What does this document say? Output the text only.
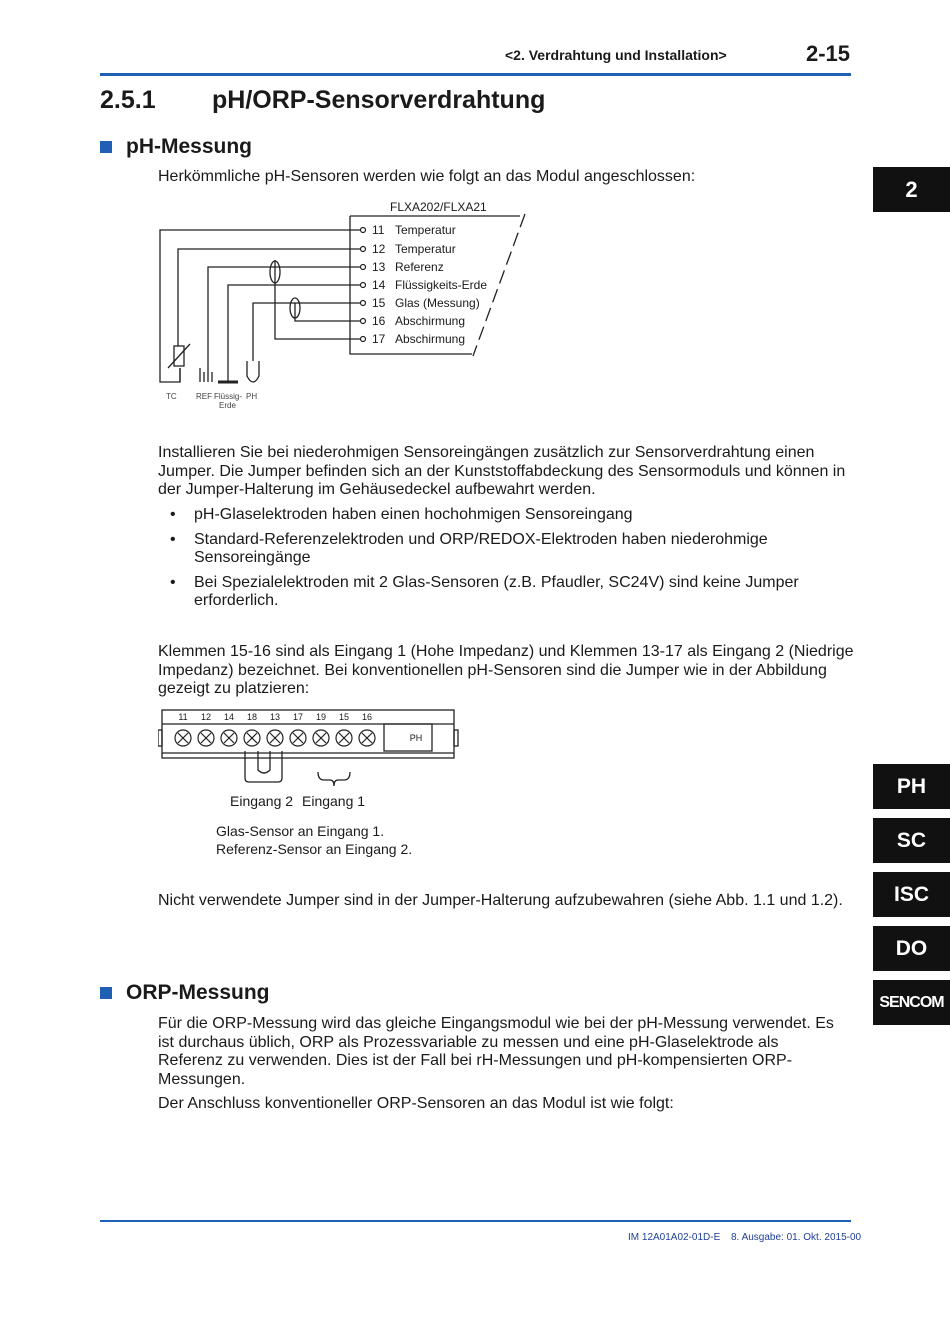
<2. Verdrahtung und Installation>	2-15
2.5.1 pH/ORP-Sensorverdrahtung
pH-Messung
Herkömmliche pH-Sensoren werden wie folgt an das Modul angeschlossen:
FLXA202/FLXA21
11 Temperatur
12 Temperatur
13 Referenz
14 Flüssigkeits-Erde
15 Glas (Messung)
16 Abschirmung
17 Abschirmung
TC REF Flüssig-
Erde
PH
Installieren Sie bei niederohmigen Sensoreingängen zusätzlich zur Sensorverdrahtung einen Jumper. Die Jumper befinden sich an der Kunststoffabdeckung des Sensormoduls und können in der Jumper-Halterung im Gehäusedeckel aufbewahrt werden.
• pH-Glaselektroden haben einen hochohmigen Sensoreingang
• Standard-Referenzelektroden und ORP/REDOX-Elektroden haben niederohmige Sensoreingänge
• Bei Spezialelektroden mit 2 Glas-Sensoren (z.B. Pfaudler, SC24V) sind keine Jumper erforderlich.
Klemmen 15-16 sind als Eingang 1 (Hohe Impedanz) und Klemmen 13-17 als Eingang 2 (Niedrige Impedanz) bezeichnet. Bei konventionellen pH-Sensoren sind die Jumper wie in der Abbildung gezeigt zu platzieren:
11 12 14 18 13 17 19 15 16
PH
Eingang 2 Eingang 1
Glas-Sensor an Eingang 1.
Referenz-Sensor an Eingang 2.
Nicht verwendete Jumper sind in der Jumper-Halterung aufzubewahren (siehe Abb. 1.1 und 1.2).
ORP-Messung
Für die ORP-Messung wird das gleiche Eingangsmodul wie bei der pH-Messung verwendet. Es ist durchaus üblich, ORP als Prozessvariable zu messen und eine pH-Glaselektrode als Referenz zu verwenden. Dies ist der Fall bei rH-Messungen und pH-kompensierten ORP-Messungen.
Der Anschluss konventioneller ORP-Sensoren an das Modul ist wie folgt:
2
PH
SC
ISC
DO
SENCOM
IM 12A01A02-01D-E 8. Ausgabe: 01. Okt. 2015-00
